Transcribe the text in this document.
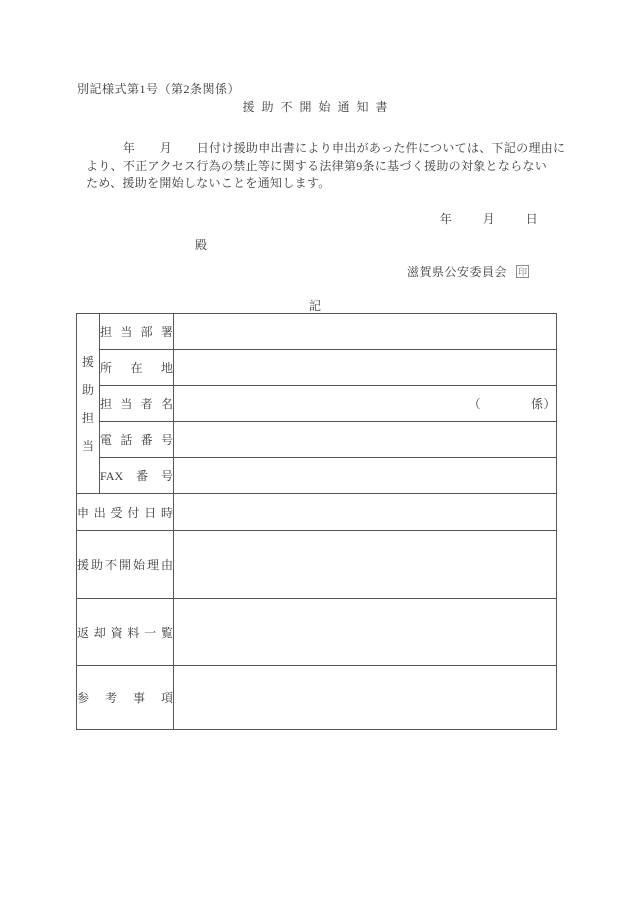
別記様式第1号（第2条関係）
援助不開始通知書
　　　年　　月　　日付け援助申出書により申出があった件については、下記の理由に
より、不正アクセス行為の禁止等に関する法律第9条に基づく援助の対象とならない
ため、援助を開始しないことを通知します。
年　　月　　日
殿
滋賀県公安委員会 印
記
援助担当	担当部署	
	所在地	
	担当者名	（　　　　係）
	電話番号	
	FAX番号	
申出受付日時		
援助不開始理由		
返却資料一覧		
参考事項		
